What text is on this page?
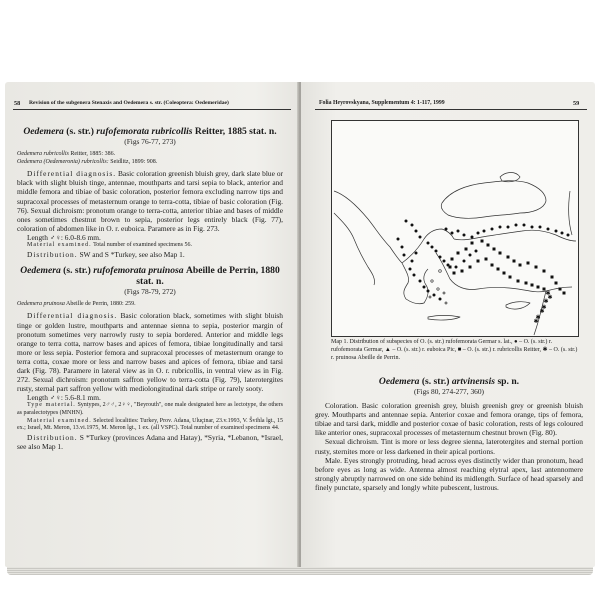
58 Revision of the subgenera Stenaxis and Oedemera s. str. (Coleoptera: Oedemeridae)

Oedemera (s. str.) rufofemorata rubricollis Reitter, 1885 stat. n.

(Figs 76-77, 273)

Oedemera rubricollis Reitter, 1885: 386.

Oedemera (Oedemeronia) rubricollis: Seidlitz, 1899: 908.

Differential diagnosis. Basic coloration greenish bluish grey, dark slate blue or black with slight bluish tinge, antennae, mouthparts and tarsi sepia to black, anterior and middle femora and tibiae of basic coloration, posterior femora excluding narrow tips and supracoxal processes of metasternum orange to terra-cotta, tibiae of basic coloration (Fig. 76). Sexual dichroism: pronotum orange to terra-cotta, anterior tibiae and bases of middle ones sometimes chestnut brown to sepia, posterior legs entirely black (Fig. 77), coloration of abdomen like in O. r. euboica. Paramere as in Fig. 273.

Length ♂♀: 6.0-8.6 mm.

Material examined. Total number of examined specimens 56.

Distribution. SW and S *Turkey, see also Map 1.

Oedemera (s. str.) rufofemorata pruinosa Abeille de Perrin, 1880
stat. n.

(Figs 78-79, 272)

Oedemera pruinosa Abeille de Perrin, 1880: 259.

Differential diagnosis. Basic coloration black, sometimes with slight bluish tinge or golden lustre, mouthparts and antennae sienna to sepia, posterior margin of pronotum sometimes very narrowly rusty to sepia bordered. Anterior and middle legs orange to terra cotta, narrow bases and apices of femora, tibiae longitudinally and tarsi more or less sepia. Posterior femora and supracoxal processes of metasternum orange to terra cotta, coxae more or less and narrow bases and apices of femora, tibiae and tarsi dark (Fig. 78). Paramere in lateral view as in O. r. rubricollis, in ventral view as in Fig. 272. Sexual dichroism: pronotum saffron yellow to terra-cotta (Fig. 79), laterotergites rusty, sternal part saffron yellow with mediolongitudinal dark stripe or rarely sooty.

Length ♂♀: 5.6-8.1 mm.

Type material. Syntypes, 2♂♂, 2♀♀, "Beyrouth", one male designated here as lectotype, the others as paralectotypes (MNHN).

Material examined. Selected localities: Turkey, Prov. Adana, Uluçinar, 23.v.1993, V. Švihla lgt., 15 ex.; Israel, Mt. Meron, 13.vi.1975, M. Meron lgt., 1 ex. (all VSPC). Total number of examined specimens 44.

Distribution. S *Turkey (provinces Adana and Hatay), *Syria, *Lebanon, *Israel, see also Map 1.

Folia Heyrovskyana, Supplementum 4: 1-117, 1999	59
✱
✱
✱
✱
✱
✱
✱
Map 1. Distribution of subspecies of O. (s. str.) rufofemorata Germar s. lat., ● – O. (s. str.) r. rufofemorata Germar, ▲ – O. (s. str.) r. euboica Pic, ■ – O. (s. str.) r. rubricollis Reitter, ✱ – O. (s. str.) r. pruinosa Abeille de Perrin.

Oedemera (s. str.) artvinensis sp. n.

(Figs 80, 274-277, 360)

Coloration. Basic coloration greenish grey, bluish greenish grey or greenish bluish grey. Mouthparts and antennae sepia. Anterior coxae and femora orange, tips of femora, tibiae and tarsi dark, middle and posterior coxae of basic coloration, rests of legs coloured like anterior ones, supracoxal processes of metasternum chestnut brown (Fig. 80).

Sexual dichroism. Tint is more or less degree sienna, laterotergites and sternal portion rusty, sternites more or less darkened in their apical portions.

Male. Eyes strongly protruding, head across eyes distinctly wider than pronotum, head before eyes as long as wide. Antenna almost reaching elytral apex, last antennomere strongly abruptly narrowed on one side behind its midlength. Surface of head sparsely and finely punctate, sparsely and longly white pubescent, lustrous.
